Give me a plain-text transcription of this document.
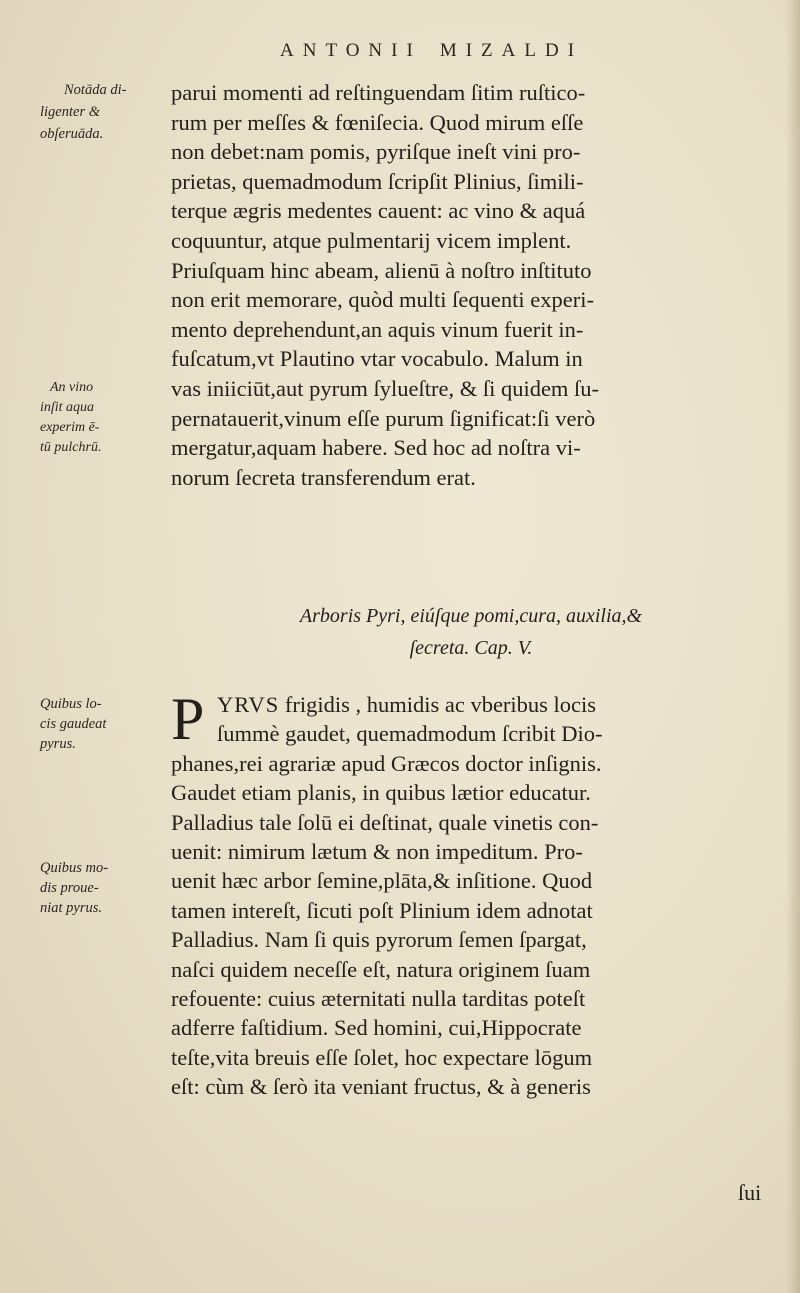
ANTONII MIZALDI
Notāda di-
ligenter &
obſeruāda.
An vino
inſit aqua
experim ē-
tū pulchrū.
Quibus lo-
cis gaudeat
pyrus.
Quibus mo-
dis proue-
niat pyrus.
parui momenti ad reſtinguendam ſitim ruſtico-
rum per meſſes & fœniſecia. Quod mirum eſſe
non debet:nam pomis, pyriſque ineſt vini pro-
prietas, quemadmodum ſcripſit Plinius, ſimili-
terque ægris medentes cauent: ac vino & aquá
coquuntur, atque pulmentarij vicem implent.
Priuſquam hinc abeam, alienū à noſtro inſtituto
non erit memorare, quòd multi ſequenti experi-
mento deprehendunt,an aquis vinum fuerit in-
fuſcatum,vt Plautino vtar vocabulo. Malum in
vas iniiciūt,aut pyrum ſylueſtre, & ſi quidem ſu-
pernatauerit,vinum eſſe purum ſignificat:ſi verò
mergatur,aquam habere. Sed hoc ad noſtra vi-
norum ſecreta transferendum erat.
Arboris Pyri, eiúſque pomi,cura, auxilia,&
ſecreta. Cap. V.
P YRVS frigidis , humidis ac vberibus locis
ſummè gaudet, quemadmodum ſcribit Dio-
phanes,rei agrariæ apud Græcos doctor inſignis.
Gaudet etiam planis, in quibus lætior educatur.
Palladius tale ſolū ei deſtinat, quale vinetis con-
uenit: nimirum lætum & non impeditum. Pro-
uenit hæc arbor ſemine,plāta,& inſitione. Quod
tamen intereſt, ſicuti poſt Plinium idem adnotat
Palladius. Nam ſi quis pyrorum ſemen ſpargat,
naſci quidem neceſſe eſt, natura originem ſuam
refouente: cuius æternitati nulla tarditas poteſt
adferre faſtidium. Sed homini, cui,Hippocrate
teſte,vita breuis eſſe ſolet, hoc expectare lōgum
eſt: cùm & ſerò ita veniant fructus, & à generis
ſui
